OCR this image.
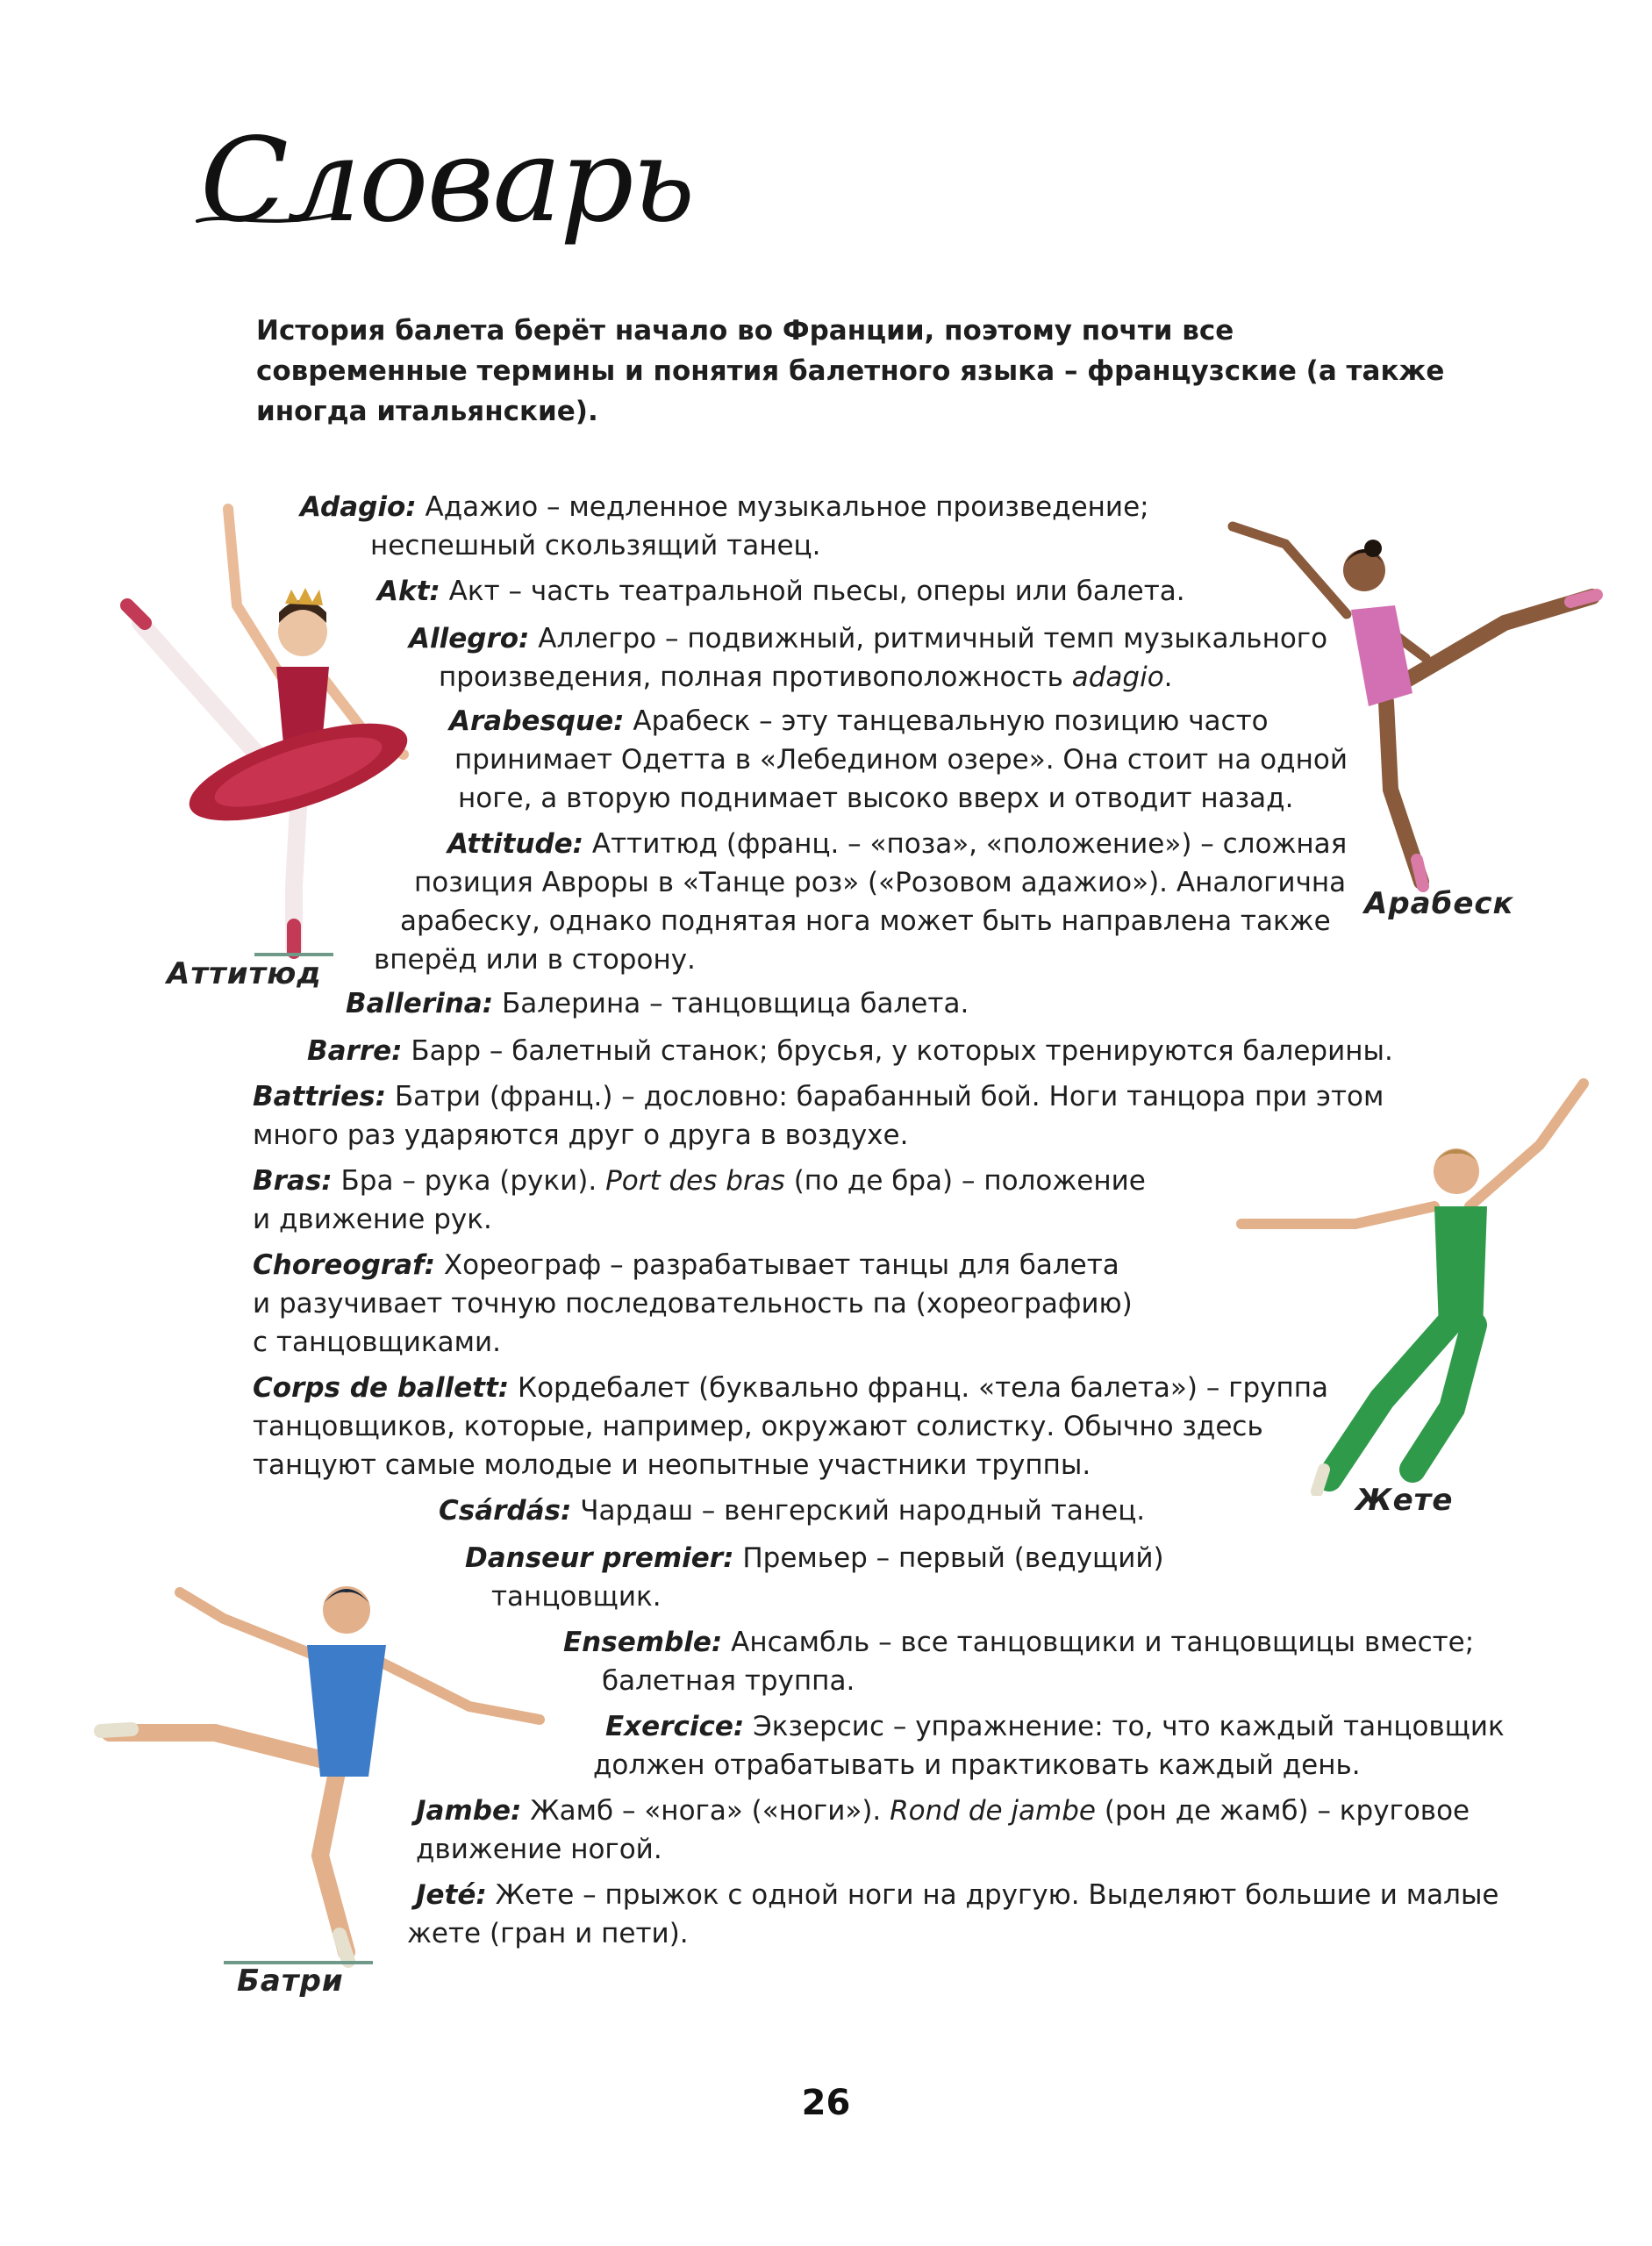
Словарь

История балета берёт начало во Франции, поэтому почти все современные термины и понятия балетного языка – французские (а также иногда итальянские).

Аттитюд

Арабеск

Жете

Батри

Adagio: Адажио – медленное музыкальное произведение;
неспешный скользящий танец.

Akt: Акт – часть театральной пьесы, оперы или балета.

Allegro: Аллегро – подвижный, ритмичный темп музыкального
произведения, полная противоположность adagio.

Arabesque: Арабеск – эту танцевальную позицию часто
принимает Одетта в «Лебедином озере». Она стоит на одной
ноге, а вторую поднимает высоко вверх и отводит назад.

Attitude: Аттитюд (франц. – «поза», «положение») – сложная
позиция Авроры в «Танце роз» («Розовом адажио»). Аналогична
арабеску, однако поднятая нога может быть направлена также
вперёд или в сторону.

Ballerina: Балерина – танцовщица балета.

Barre: Барр – балетный станок; брусья, у которых тренируются балерины.

Battries: Батри (франц.) – дословно: барабанный бой. Ноги танцора при этом
много раз ударяются друг о друга в воздухе.

Bras: Бра – рука (руки). Port des bras (по де бра) – положение
и движение рук.

Choreograf: Хореограф – разрабатывает танцы для балета
и разучивает точную последовательность па (хореографию)
с танцовщиками.

Corps de ballett: Кордебалет (буквально франц. «тела балета») – группа
танцовщиков, которые, например, окружают солистку. Обычно здесь
танцуют самые молодые и неопытные участники труппы.

Csárdás: Чардаш – венгерский народный танец.

Danseur premier: Премьер – первый (ведущий)
танцовщик.

Ensemble: Ансамбль – все танцовщики и танцовщицы вместе;
балетная труппа.

Exercice: Экзерсис – упражнение: то, что каждый танцовщик
должен отрабатывать и практиковать каждый день.

Jambe: Жамб – «нога» («ноги»). Rond de jambe (рон де жамб) – круговое
движение ногой.

Jeté: Жете – прыжок с одной ноги на другую. Выделяют большие и малые
жете (гран и пети).

26
